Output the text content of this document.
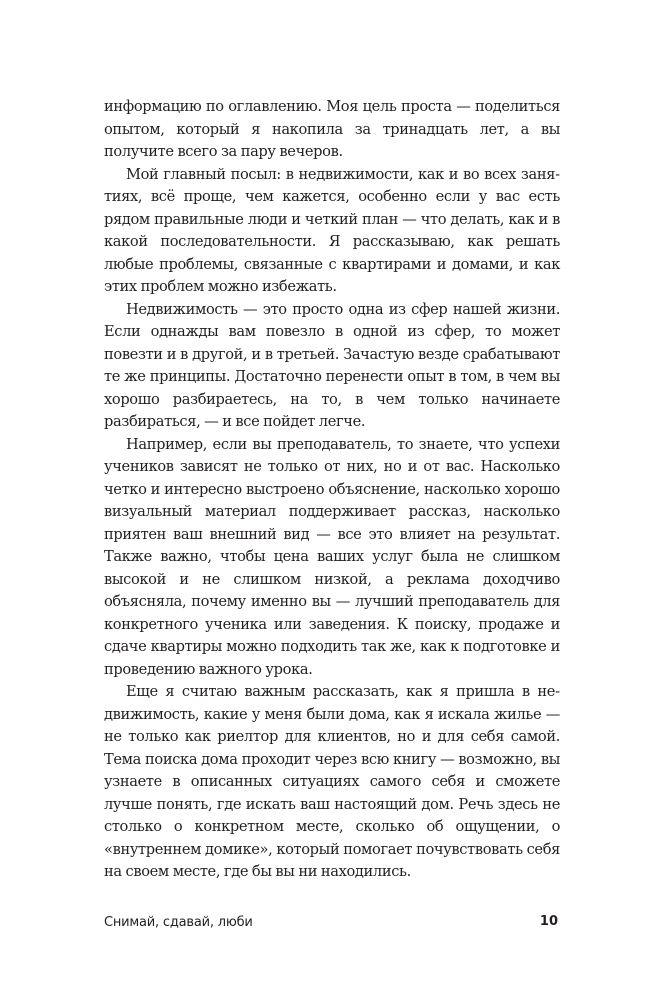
информацию по оглавлению. Моя цель проста — поделиться опытом, который я накопила за тринадцать лет, а вы получите всего за пару вечеров.

Мой главный посыл: в недвижимости, как и во всех занятиях, всё проще, чем кажется, особенно если у вас есть рядом правильные люди и четкий план — что делать, как и в какой последовательности. Я рассказываю, как решать любые проблемы, связанные с квартирами и домами, и как этих проблем можно избежать.

Недвижимость — это просто одна из сфер нашей жизни. Если однажды вам повезло в одной из сфер, то может повезти и в другой, и в третьей. Зачастую везде срабатывают те же принципы. Достаточно перенести опыт в том, в чем вы хорошо разбираетесь, на то, в чем только начинаете разбираться, — и все пойдет легче.

Например, если вы преподаватель, то знаете, что успехи учеников зависят не только от них, но и от вас. Насколько четко и интересно выстроено объяснение, насколько хорошо визуальный материал поддерживает рассказ, насколько приятен ваш внешний вид — все это влияет на результат. Также важно, чтобы цена ваших услуг была не слишком высокой и не слишком низкой, а реклама доходчиво объясняла, почему именно вы — лучший преподаватель для конкретного ученика или заведения. К поиску, продаже и сдаче квартиры можно подходить так же, как к подготовке и проведению важного урока.

Еще я считаю важным рассказать, как я пришла в недвижимость, какие у меня были дома, как я искала жилье — не только как риелтор для клиентов, но и для себя самой. Тема поиска дома проходит через всю книгу — возможно, вы узнаете в описанных ситуациях самого себя и сможете лучше понять, где искать ваш настоящий дом. Речь здесь не столько о конкретном месте, сколько об ощущении, о «внутреннем домике», который помогает почувствовать себя на своем месте, где бы вы ни находились.

Снимай, сдавай, люби	10
